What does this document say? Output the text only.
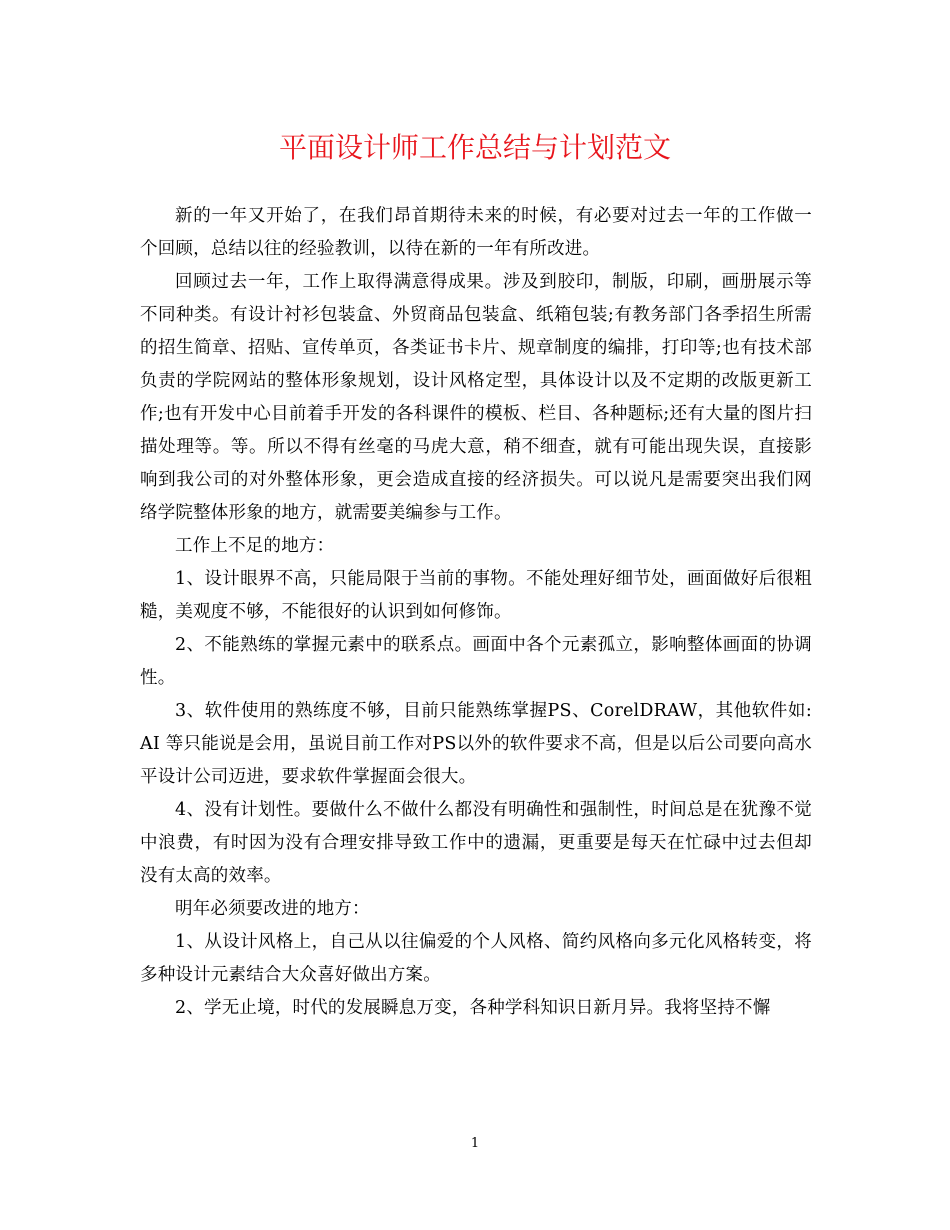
平面设计师工作总结与计划范文

新的一年又开始了，在我们昂首期待未来的时候，有必要对过去一年的工作做一个回顾，总结以往的经验教训，以待在新的一年有所改进。

回顾过去一年，工作上取得满意得成果。涉及到胶印，制版，印刷，画册展示等不同种类。有设计衬衫包装盒、外贸商品包装盒、纸箱包装;有教务部门各季招生所需的招生简章、招贴、宣传单页，各类证书卡片、规章制度的编排，打印等;也有技术部负责的学院网站的整体形象规划，设计风格定型，具体设计以及不定期的改版更新工作;也有开发中心目前着手开发的各科课件的模板、栏目、各种题标;还有大量的图片扫描处理等。等。所以不得有丝毫的马虎大意，稍不细查，就有可能出现失误，直接影响到我公司的对外整体形象，更会造成直接的经济损失。可以说凡是需要突出我们网络学院整体形象的地方，就需要美编参与工作。

工作上不足的地方：

1、设计眼界不高，只能局限于当前的事物。不能处理好细节处，画面做好后很粗糙，美观度不够，不能很好的认识到如何修饰。

2、不能熟练的掌握元素中的联系点。画面中各个元素孤立，影响整体画面的协调性。

3、软件使用的熟练度不够，目前只能熟练掌握PS、CorelDRAW，其他软件如:AI 等只能说是会用，虽说目前工作对PS以外的软件要求不高，但是以后公司要向高水平设计公司迈进，要求软件掌握面会很大。

4、没有计划性。要做什么不做什么都没有明确性和强制性，时间总是在犹豫不觉中浪费，有时因为没有合理安排导致工作中的遗漏，更重要是每天在忙碌中过去但却没有太高的效率。

明年必须要改进的地方：

1、从设计风格上，自己从以往偏爱的个人风格、简约风格向多元化风格转变，将多种设计元素结合大众喜好做出方案。

2、学无止境，时代的发展瞬息万变，各种学科知识日新月异。我将坚持不懈

1
